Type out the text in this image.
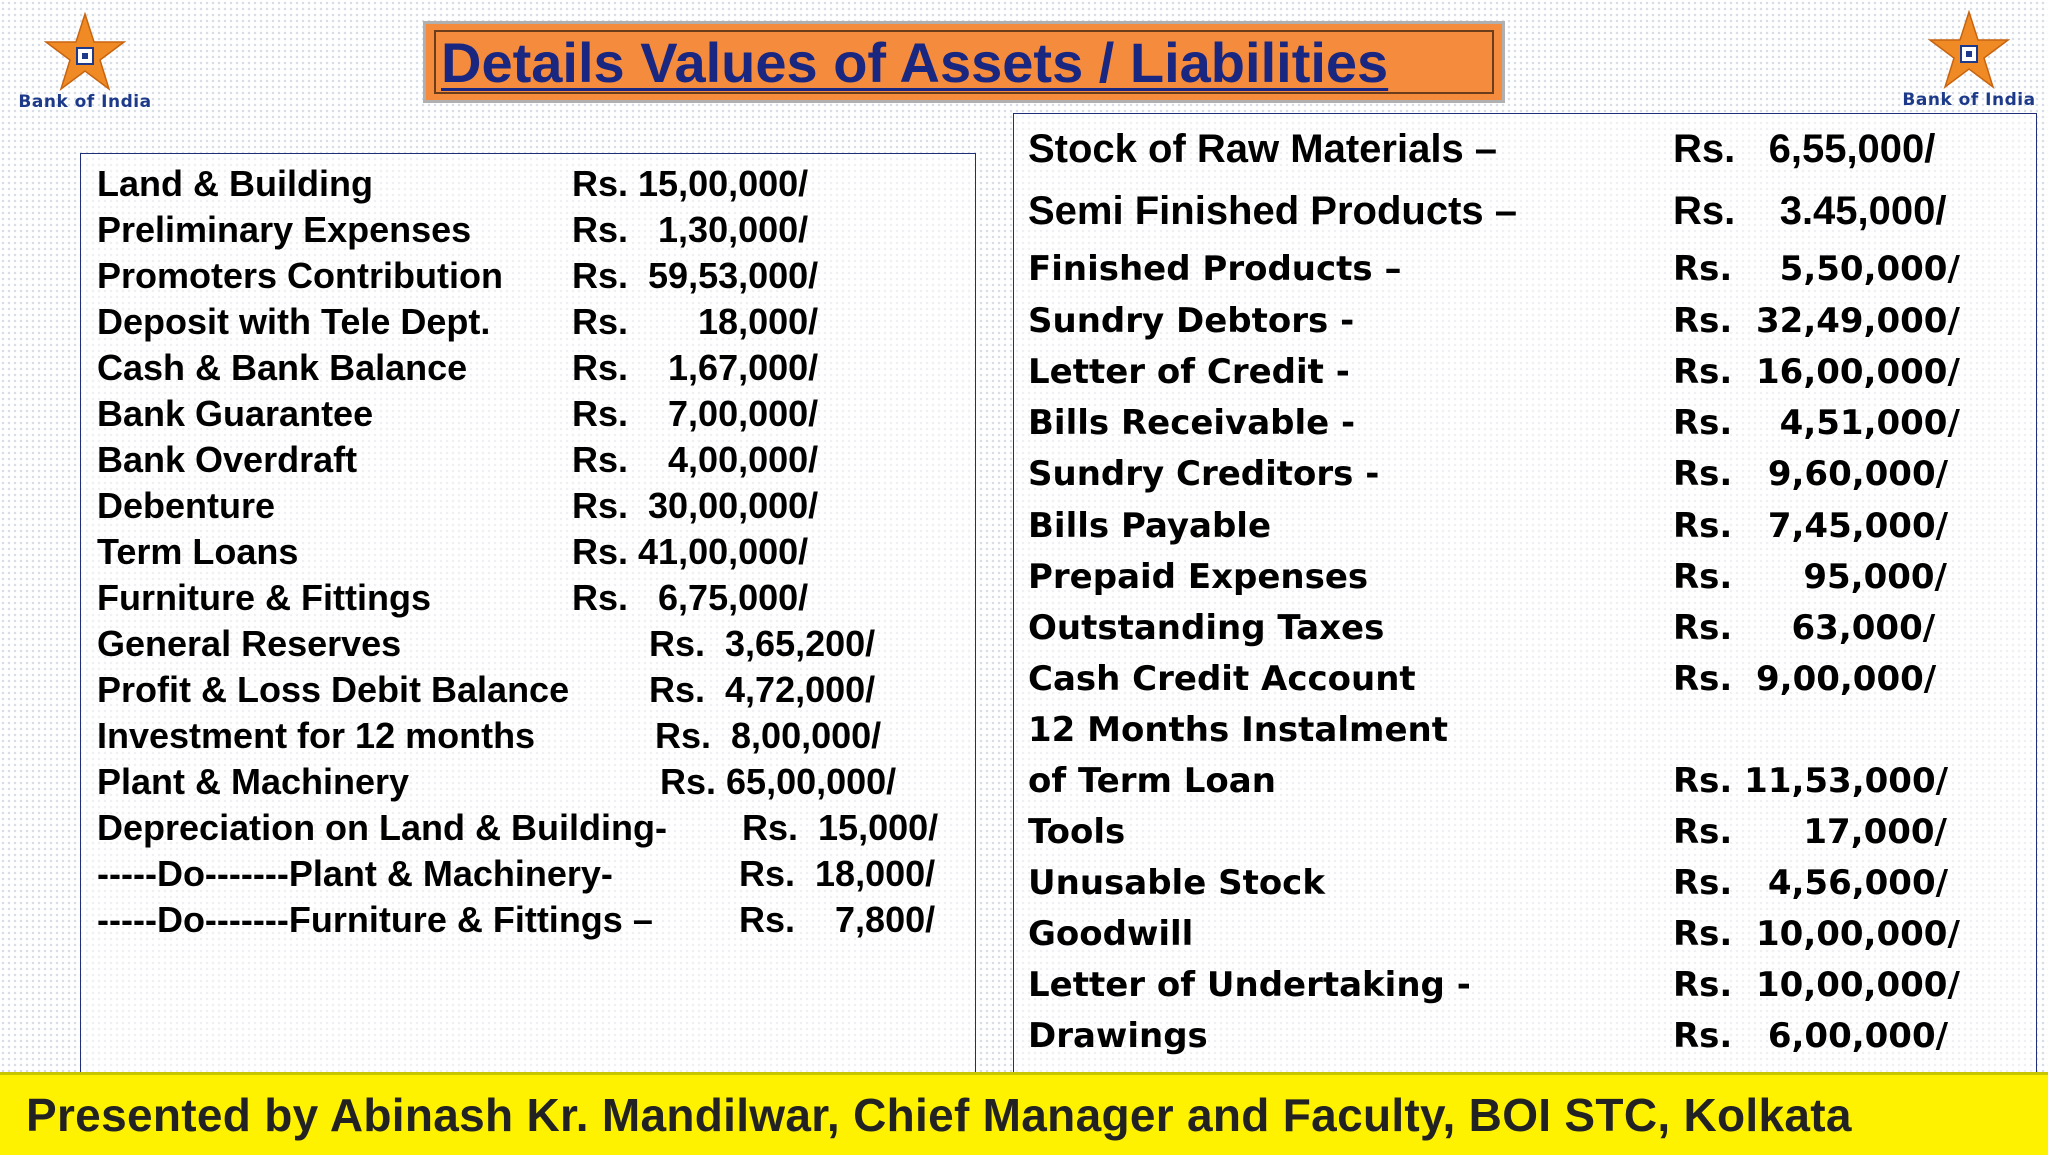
Bank of India	Bank of India
Details Values of Assets / Liabilities
Presented by Abinash Kr. Mandilwar, Chief Manager and Faculty, BOI STC, Kolkata
Land & Building	Rs. 15,00,000/
Preliminary Expenses	Rs.   1,30,000/
Promoters Contribution Rs.  59,53,000/
Deposit with Tele Dept. Rs.       18,000/
Cash & Bank Balance	Rs.    1,67,000/
Bank Guarantee	Rs.    7,00,000/
Bank Overdraft	Rs.    4,00,000/
Debenture	Rs.  30,00,000/
Term Loans	Rs. 41,00,000/
Furniture & Fittings	Rs.   6,75,000/
General Reserves	Rs.  3,65,200/
Profit & Loss Debit Balance Rs.  4,72,000/
Investment for 12 months	Rs.  8,00,000/
Plant & Machinery	Rs. 65,00,000/
Depreciation on Land & Building- Rs.  15,000/
-----Do-------Plant & Machinery-	Rs.  18,000/
-----Do-------Furniture & Fittings – Rs.    7,800/
Stock of Raw Materials –	Rs.   6,55,000/
Semi Finished Products –	Rs.    3.45,000/
Finished Products –	Rs.    5,50,000/
Sundry Debtors -	Rs.  32,49,000/
Letter of Credit -	Rs.  16,00,000/
Bills Receivable -	Rs.    4,51,000/
Sundry Creditors -	Rs.   9,60,000/
Bills Payable	Rs.   7,45,000/
Prepaid Expenses	Rs.      95,000/
Outstanding Taxes	Rs.     63,000/
Cash Credit Account	Rs.  9,00,000/
12 Months Instalment
of Term Loan	Rs. 11,53,000/
Tools	Rs.      17,000/
Unusable Stock	Rs.   4,56,000/
Goodwill	Rs.  10,00,000/
Letter of Undertaking -	Rs.  10,00,000/
Drawings	Rs.   6,00,000/
